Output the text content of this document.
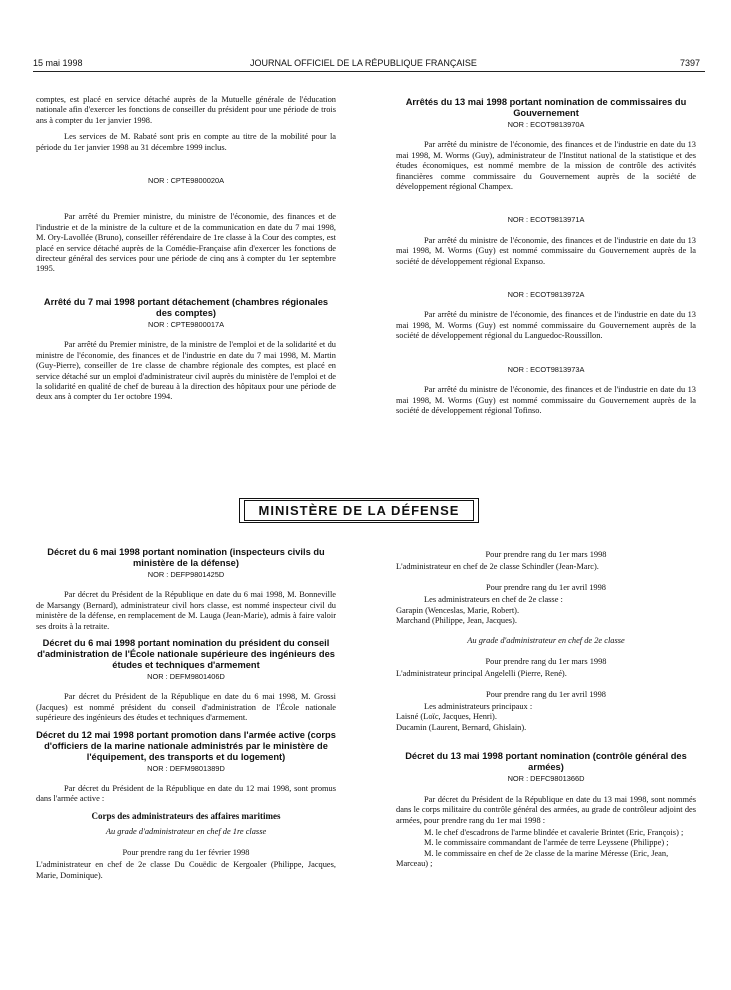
15 mai 1998	JOURNAL OFFICIEL DE LA RÉPUBLIQUE FRANÇAISE	7397

comptes, est placé en service détaché auprès de la Mutuelle générale de l'éducation nationale afin d'exercer les fonctions de conseiller du président pour une période de trois ans à compter du 1er janvier 1998.

Les services de M. Rabaté sont pris en compte au titre de la mobilité pour la période du 1er janvier 1998 au 31 décembre 1999 inclus.

NOR : CPTE9800020A

Par arrêté du Premier ministre, du ministre de l'économie, des finances et de l'industrie et de la ministre de la culture et de la communication en date du 7 mai 1998, M. Ory-Lavollée (Bruno), conseiller référendaire de 1re classe à la Cour des comptes, est placé en service détaché auprès de la Comédie-Française afin d'exercer les fonctions de directeur général des services pour une période de cinq ans à compter du 1er septembre 1995.

Arrêté du 7 mai 1998 portant détachement (chambres régionales des comptes)
NOR : CPTE9800017A

Par arrêté du Premier ministre, de la ministre de l'emploi et de la solidarité et du ministre de l'économie, des finances et de l'industrie en date du 7 mai 1998, M. Martin (Guy-Pierre), conseiller de 1re classe de chambre régionale des comptes, est placé en service détaché sur un emploi d'administrateur civil auprès du ministère de l'emploi et de la solidarité en qualité de chef de bureau à la direction des hôpitaux pour une période de deux ans à compter du 1er octobre 1994.

Arrêtés du 13 mai 1998 portant nomination de commissaires du Gouvernement
NOR : ECOT9813970A

Par arrêté du ministre de l'économie, des finances et de l'industrie en date du 13 mai 1998, M. Worms (Guy), administrateur de l'Institut national de la statistique et des études économiques, est nommé membre de la mission de contrôle des activités financières comme commissaire du Gouvernement auprès de la société de développement régional Champex.

NOR : ECOT9813971A

Par arrêté du ministre de l'économie, des finances et de l'industrie en date du 13 mai 1998, M. Worms (Guy) est nommé commissaire du Gouvernement auprès de la société de développement régional Expanso.

NOR : ECOT9813972A

Par arrêté du ministre de l'économie, des finances et de l'industrie en date du 13 mai 1998, M. Worms (Guy) est nommé commissaire du Gouvernement auprès de la société de développement régional du Languedoc-Roussillon.

NOR : ECOT9813973A

Par arrêté du ministre de l'économie, des finances et de l'industrie en date du 13 mai 1998, M. Worms (Guy) est nommé commissaire du Gouvernement auprès de la société de développement régional Tofinso.

MINISTÈRE DE LA DÉFENSE
Décret du 6 mai 1998 portant nomination (inspecteurs civils du ministère de la défense)
NOR : DEFP9801425D

Par décret du Président de la République en date du 6 mai 1998, M. Bonneville de Marsangy (Bernard), administrateur civil hors classe, est nommé inspecteur civil du ministère de la défense, en remplacement de M. Lauga (Jean-Marie), admis à faire valoir ses droits à la retraite.

Décret du 6 mai 1998 portant nomination du président du conseil d'administration de l'École nationale supérieure des ingénieurs des études et techniques d'armement
NOR : DEFM9801406D

Par décret du Président de la République en date du 6 mai 1998, M. Grossi (Jacques) est nommé président du conseil d'administration de l'École nationale supérieure des ingénieurs des études et techniques d'armement.

Décret du 12 mai 1998 portant promotion dans l'armée active (corps d'officiers de la marine nationale administrés par le ministère de l'équipement, des transports et du logement)
NOR : DEFM9801389D

Par décret du Président de la République en date du 12 mai 1998, sont promus dans l'armée active :

Corps des administrateurs des affaires maritimes
Au grade d'administrateur en chef de 1re classe
Pour prendre rang du 1er février 1998

L'administrateur en chef de 2e classe Du Couëdic de Kergoaler (Philippe, Jacques, Marie, Dominique).

Pour prendre rang du 1er mars 1998
L'administrateur en chef de 2e classe Schindler (Jean-Marc).
Pour prendre rang du 1er avril 1998
Les administrateurs en chef de 2e classe :
Garapin (Wenceslas, Marie, Robert).
Marchand (Philippe, Jean, Jacques).
Au grade d'administrateur en chef de 2e classe
Pour prendre rang du 1er mars 1998
L'administrateur principal Angelelli (Pierre, René).
Pour prendre rang du 1er avril 1998
Les administrateurs principaux :
Laisné (Loïc, Jacques, Henri).
Ducamin (Laurent, Bernard, Ghislain).
Décret du 13 mai 1998 portant nomination (contrôle général des armées)
NOR : DEFC9801366D

Par décret du Président de la République en date du 13 mai 1998, sont nommés dans le corps militaire du contrôle général des armées, au grade de contrôleur adjoint des armées, pour prendre rang du 1er mai 1998 :

M. le chef d'escadrons de l'arme blindée et cavalerie Brintet (Eric, François) ;
M. le commissaire commandant de l'armée de terre Leyssene (Philippe) ;
M. le commissaire en chef de 2e classe de la marine Méresse (Eric, Jean, Marceau) ;
